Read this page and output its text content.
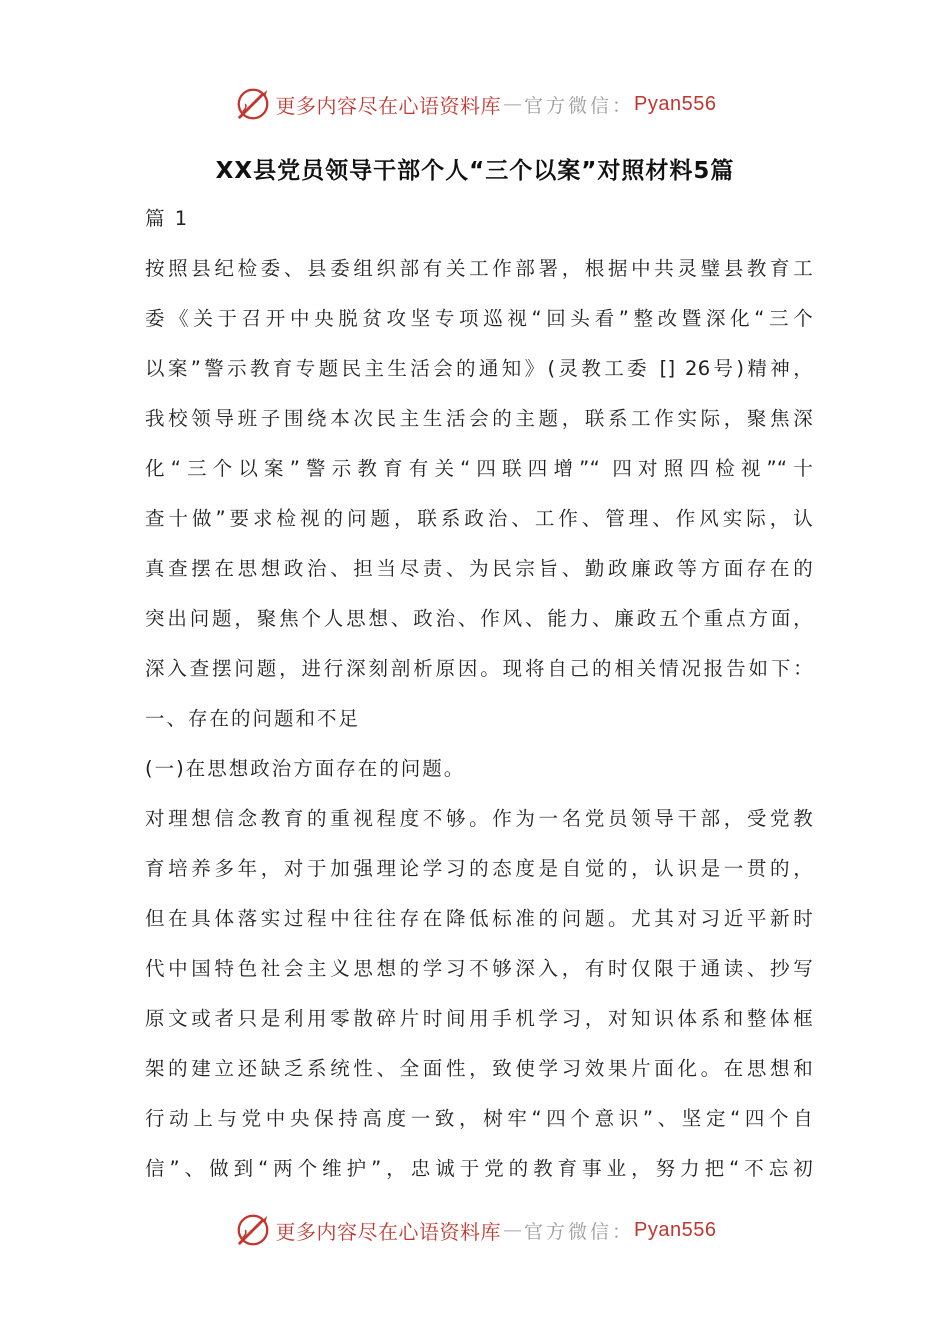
更多内容尽在心语资料库 — 官方微信： Pyan556
XX县党员领导干部个人“三个以案”对照材料5篇
篇 1
按照县纪检委、县委组织部有关工作部署，根据中共灵璧县教育工
委《关于召开中央脱贫攻坚专项巡视“回头看”整改暨深化“三个
以案”警示教育专题民主生活会的通知》(灵教工委 [] 26号)精神，
我校领导班子围绕本次民主生活会的主题，联系工作实际，聚焦深
化“三个以案”警示教育有关“四联四增”“ 四对照四检视”“十
查十做”要求检视的问题，联系政治、工作、管理、作风实际，认
真查摆在思想政治、担当尽责、为民宗旨、勤政廉政等方面存在的
突出问题，聚焦个人思想、政治、作风、能力、廉政五个重点方面，
深入查摆问题，进行深刻剖析原因。现将自己的相关情况报告如下：
一、存在的问题和不足
(一)在思想政治方面存在的问题。
对理想信念教育的重视程度不够。作为一名党员领导干部，受党教
育培养多年，对于加强理论学习的态度是自觉的，认识是一贯的，
但在具体落实过程中往往存在降低标准的问题。尤其对习近平新时
代中国特色社会主义思想的学习不够深入，有时仅限于通读、抄写
原文或者只是利用零散碎片时间用手机学习，对知识体系和整体框
架的建立还缺乏系统性、全面性，致使学习效果片面化。在思想和
行动上与党中央保持高度一致，树牢“四个意识”、坚定“四个自
信”、做到“两个维护”，忠诚于党的教育事业，努力把“不忘初
更多内容尽在心语资料库 — 官方微信： Pyan556
